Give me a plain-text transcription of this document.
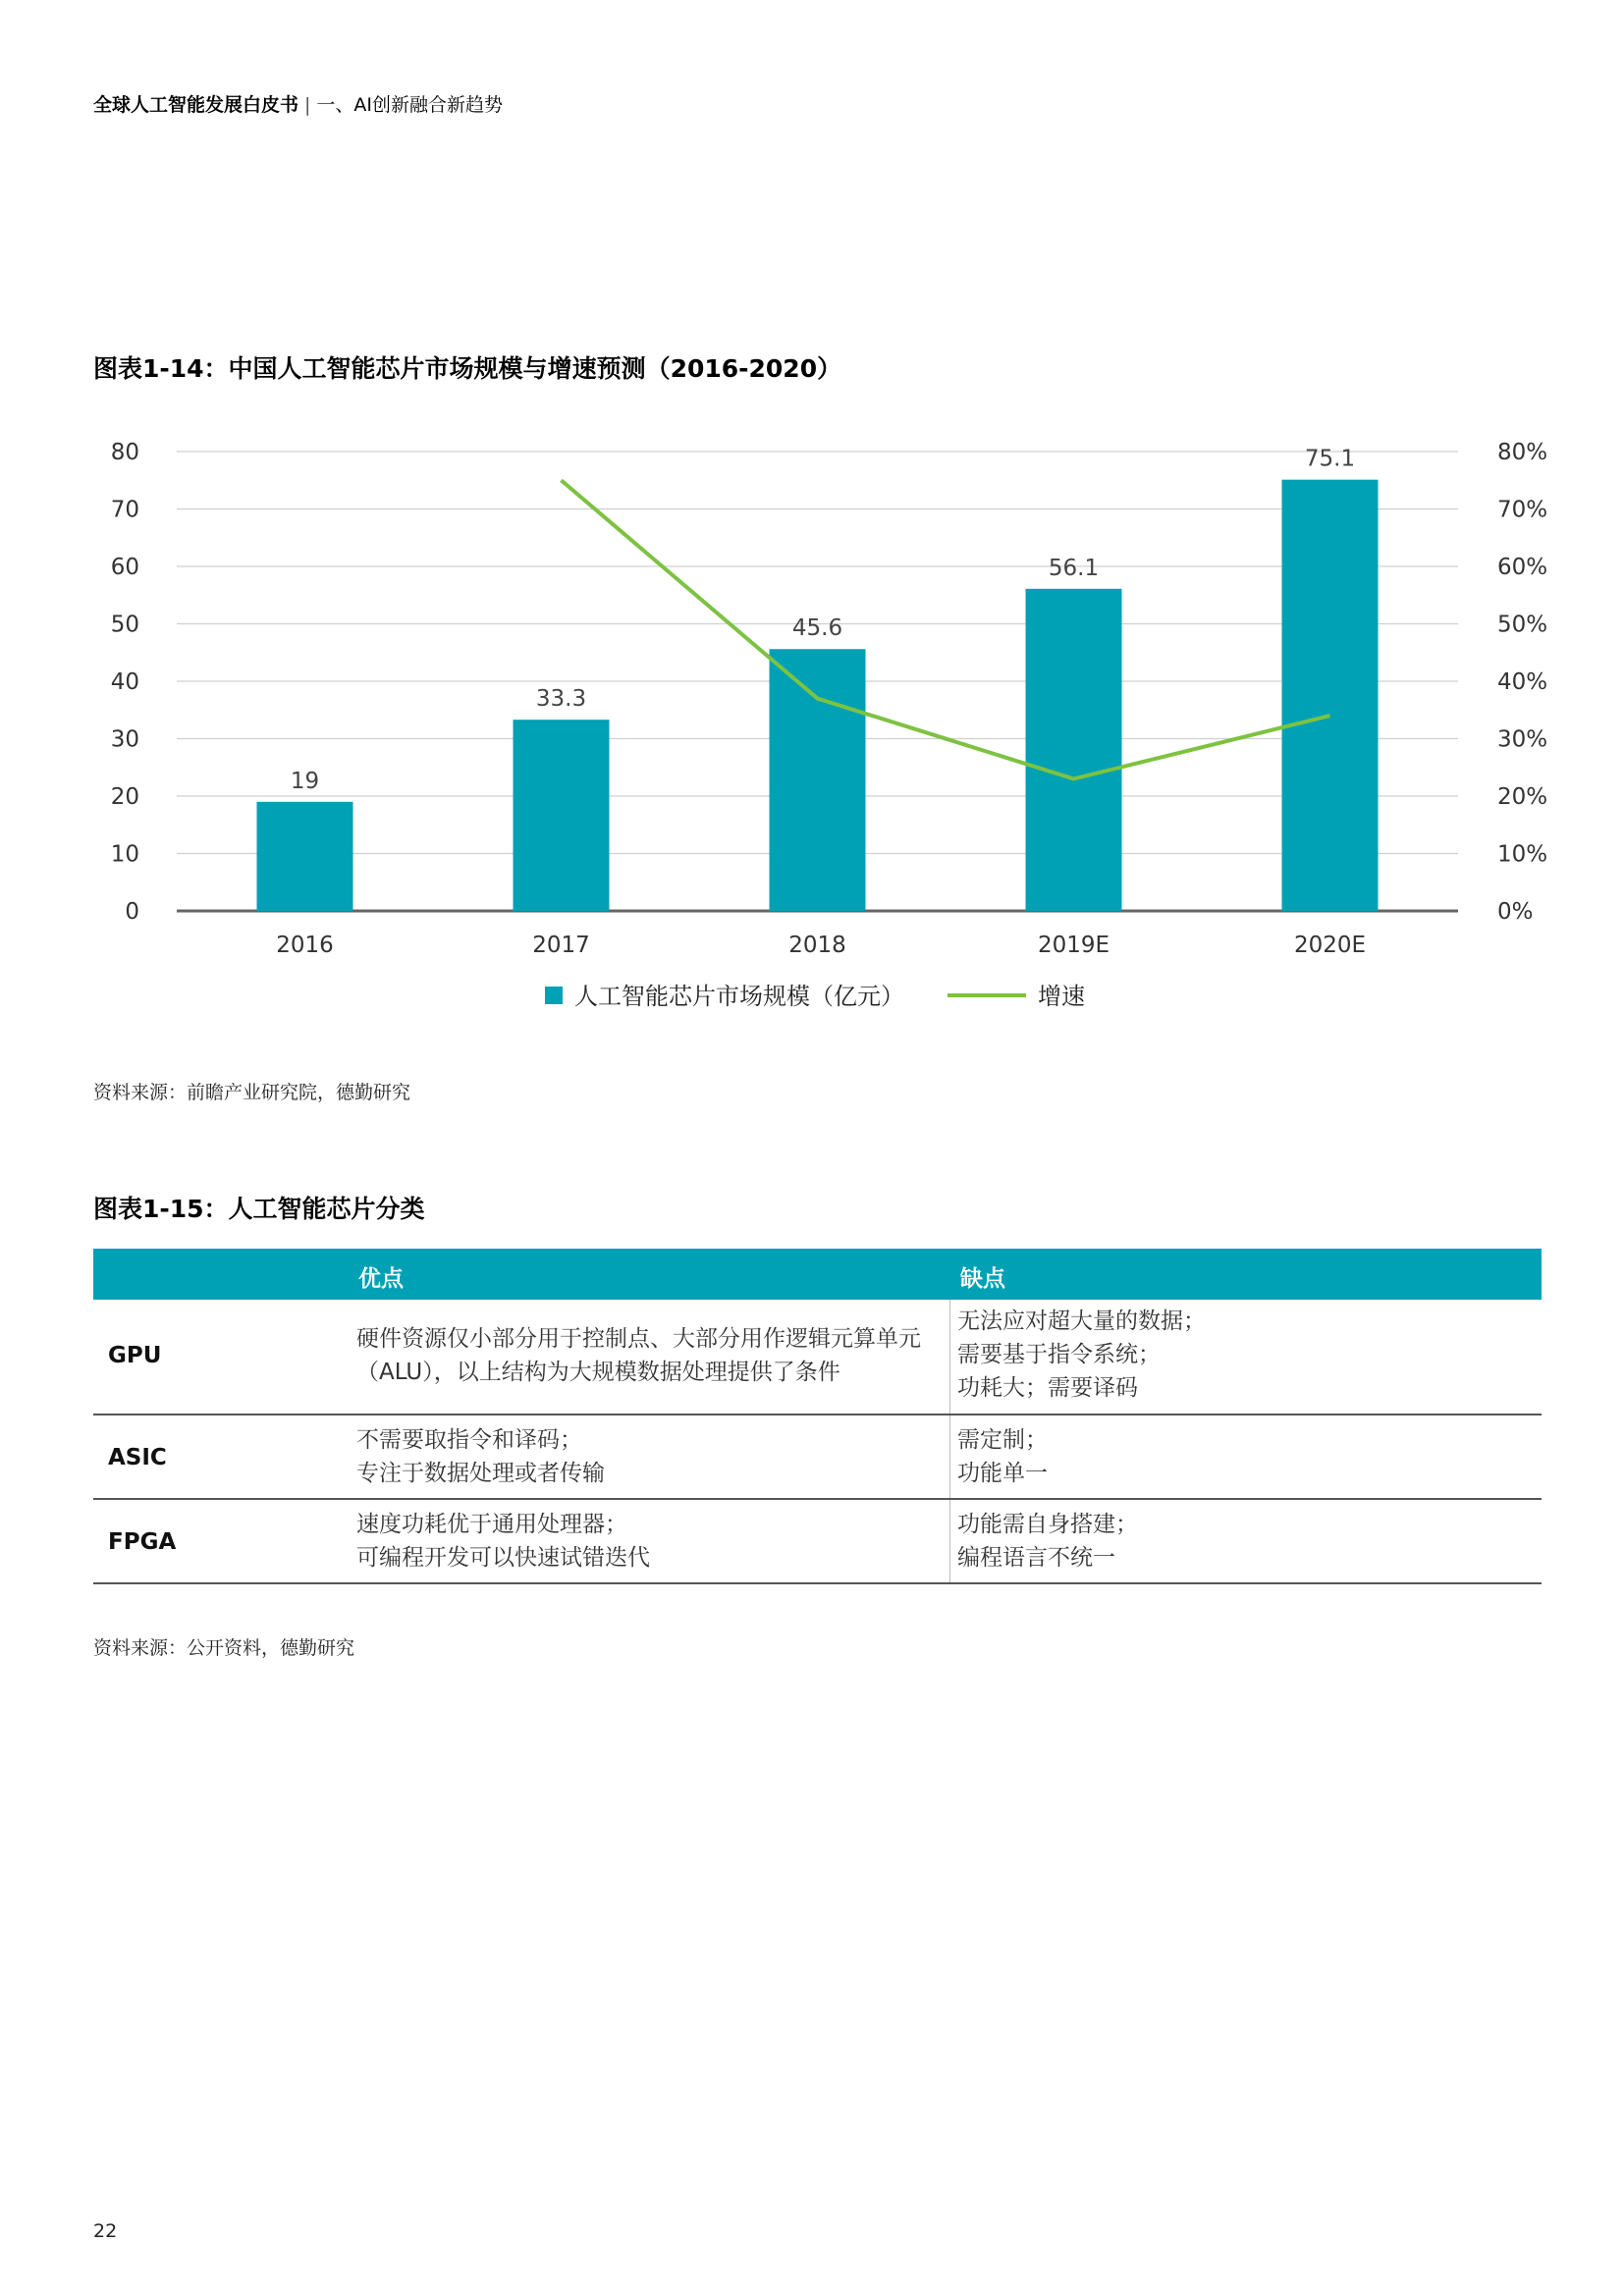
全球人工智能发展白皮书 | 一、AI创新融合新趋势
图表1-14：中国人工智能芯片市场规模与增速预测（2016-2020）
0
10
20
30
40
50
60
70
80
0%
10%
20%
30%
40%
50%
60%
70%
80%
19
2016
33.3
2017
45.6
2018
56.1
2019E
75.1
2020E
人工智能芯片市场规模（亿元）	增速
资料来源：前瞻产业研究院，德勤研究
图表1-15：人工智能芯片分类
优点	缺点
GPU
硬件资源仅小部分用于控制点、大部分用作逻辑元算单元
（ALU），以上结构为大规模数据处理提供了条件
无法应对超大量的数据；
需要基于指令系统；
功耗大；需要译码
ASIC
不需要取指令和译码；
专注于数据处理或者传输
需定制；
功能单一
FPGA
速度功耗优于通用处理器；
可编程开发可以快速试错迭代
功能需自身搭建；
编程语言不统一
资料来源：公开资料，德勤研究
22
